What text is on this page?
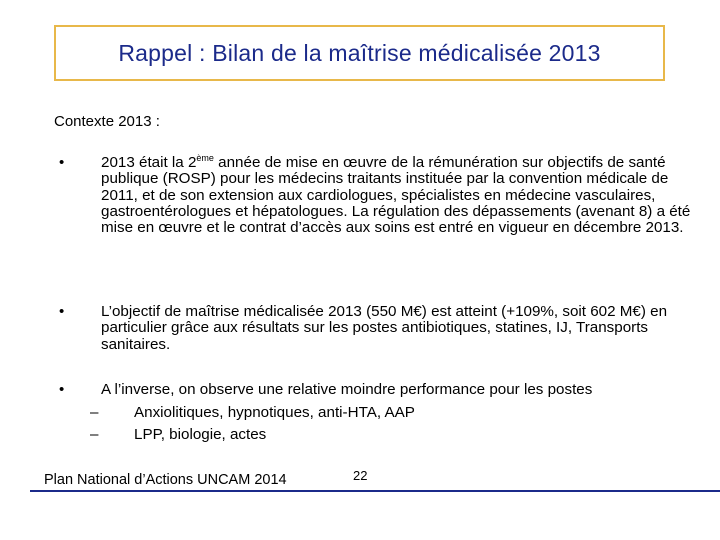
Rappel : Bilan de la maîtrise médicalisée 2013
Contexte 2013 :
• 2013 était la 2ème année de mise en œuvre de la rémunération sur objectifs de santé publique (ROSP) pour les médecins traitants instituée par la convention médicale de 2011, et de son extension aux cardiologues, spécialistes en médecine vasculaires, gastroentérologues et hépatologues. La régulation des dépassements (avenant 8) a été mise en œuvre et le contrat d’accès aux soins est entré en vigueur en décembre 2013.
• L’objectif de maîtrise médicalisée 2013 (550 M€) est atteint (+109%, soit 602 M€) en particulier grâce aux résultats sur les postes antibiotiques, statines, IJ, Transports sanitaires.
• A l’inverse, on observe une relative moindre performance pour les postes
– Anxiolitiques, hypnotiques, anti-HTA, AAP
– LPP, biologie, actes
Plan National d’Actions UNCAM 2014	22
